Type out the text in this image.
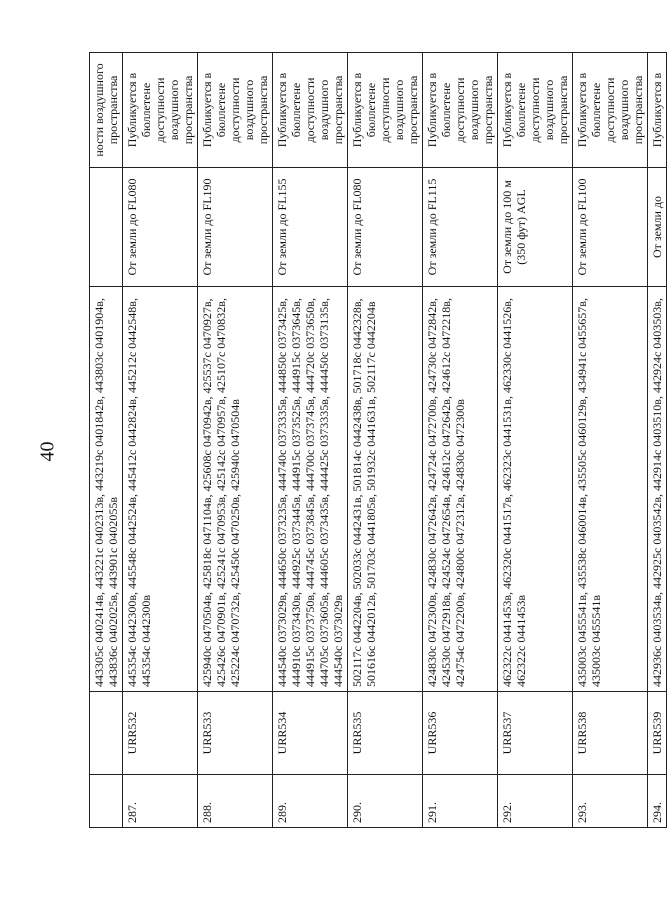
40
			443305с 0402414в, 443221с 0402313в, 443219с 0401842в, 443803с 0401904в, 443836с 0402025в, 443901с 0402055в		ности воздушного пространства
287.	URR532	445354с 0442300в, 445548с 0442524в, 445412с 0442824в, 445212с 0442548в, 445354с 0442300в	От земли до FL080	Публикуется в бюллетене доступности воздушного пространства
288.	URR533	425940с 0470504в, 425818с 0471104в, 425608с 0470942в, 425537с 0470927в, 425426с 0470901в, 425241с 0470953в, 425142с 0470957в, 425107с 0470832в, 425224с 0470732в, 425450с 0470250в, 425940с 0470504в	От земли до FL190	Публикуется в бюллетене доступности воздушного пространства
289.	URR534	444540с 0373029в, 444650с 0373235в, 444740с 0373335в, 444850с 0373425в, 444910с 0373430в, 444925с 0373445в, 444915с 0373525в, 444915с 0373645в, 444915с 0373750в, 444745с 0373845в, 444700с 0373745в, 444720с 0373650в, 444705с 0373605в, 444605с 0373435в, 444425с 0373335в, 444450с 0373135в, 444540с 0373029в	От земли до FL155	Публикуется в бюллетене доступности воздушного пространства
290.	URR535	502117с 0442204в, 502033с 0442431в, 501814с 0442438в, 501718с 0442328в, 501616с 0442012в, 501703с 0441805в, 501932с 0441631в, 502117с 0442204в	От земли до FL080	Публикуется в бюллетене доступности воздушного пространства
291.	URR536	424830с 0472300в, 424830с 0472642в, 424724с 0472700в, 424730с 0472842в, 424530с 0472918в, 424524с 0472654в, 424612с 0472642в, 424612с 0472218в, 424754с 0472200в, 424800с 0472312в, 424830с 0472300в	От земли до FL115	Публикуется в бюллетене доступности воздушного пространства
292.	URR537	462322с 0441453в, 462320с 0441517в, 462323с 0441531в, 462330с 0441526в, 462322с 0441453в	От земли до 100 м (350 фут) AGL	Публикуется в бюллетене доступности воздушного пространства
293.	URR538	435003с 0455541в, 435538с 0460014в, 435505с 0460129в, 434941с 0455657в, 435003с 0455541в	От земли до FL100	Публикуется в бюллетене доступности воздушного пространства
294.	URR539	442936с 0403534в, 442925с 0403542в, 442914с 0403510в, 442924с 0403503в,	От земли до	Публикуется в
